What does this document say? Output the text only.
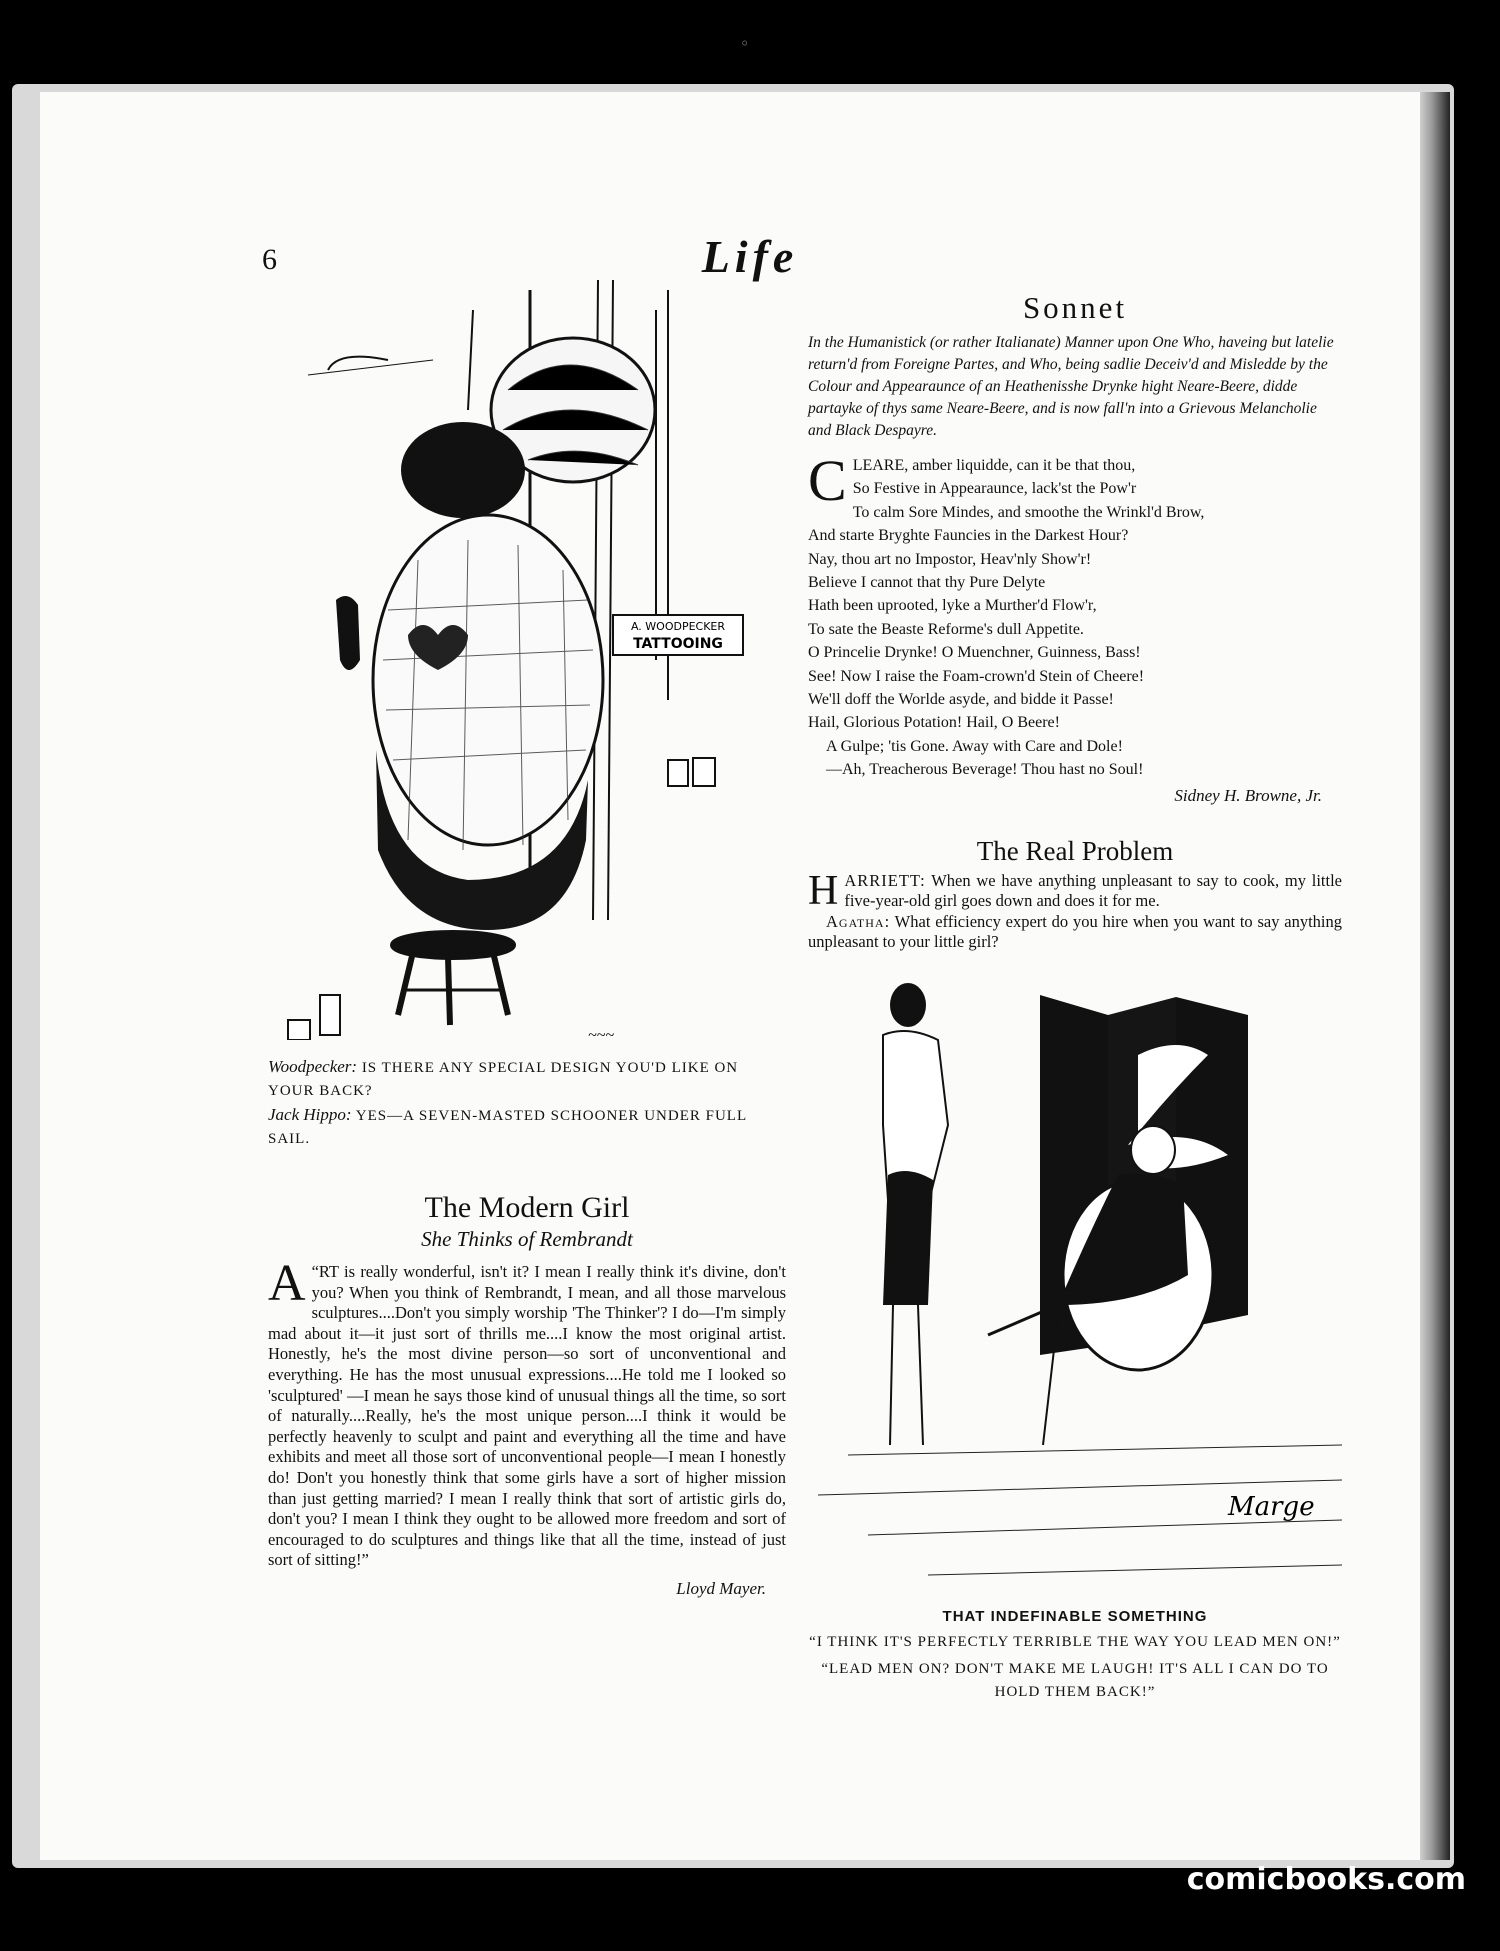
◦
6	Life
A. WOODPECKER
TATTOOING
~~~

Woodpecker: IS THERE ANY SPECIAL DESIGN YOU'D LIKE ON YOUR BACK?

Jack Hippo: YES—A SEVEN-MASTED SCHOONER UNDER FULL SAIL.

The Modern Girl
She Thinks of Rembrandt

“
A RT is really wonderful, isn't it? I mean I really think it's divine, don't you? When you think of Rembrandt, I mean, and all those marvelous sculptures....Don't you simply worship 'The Thinker'? I do—I'm simply mad about it—it just sort of thrills me....I know the most original artist. Honestly, he's the most divine person—so sort of unconventional and everything. He has the most unusual expressions....He told me I looked so 'sculptured' —I mean he says those kind of unusual things all the time, so sort of naturally....Really, he's the most unique person....I think it would be perfectly heavenly to sculpt and paint and everything all the time and have exhibits and meet all those sort of unconventional people—I mean I honestly do! Don't you honestly think that some girls have a sort of higher mission than just getting married? I mean I really think that sort of artistic girls do, don't you? I mean I think they ought to be allowed more freedom and sort of encouraged to do sculptures and things like that all the time, instead of just sort of sitting!”

Lloyd Mayer.
Sonnet

In the Humanistick (or rather Italianate) Manner upon One Who, haveing but latelie return'd from Foreigne Partes, and Who, being sadlie Deceiv'd and Misledde by the Colour and Appearaunce of an Heathenisshe Drynke hight Neare-Beere, didde partayke of thys same Neare-Beere, and is now fall'n into a Grievous Melancholie and Black Despayre.

C LEARE, amber liquidde, can it be that thou,
So Festive in Appearaunce, lack'st the Pow'r
To calm Sore Mindes, and smoothe the Wrinkl'd Brow,
And starte Bryghte Fauncies in the Darkest Hour?
Nay, thou art no Impostor, Heav'nly Show'r!
Believe I cannot that thy Pure Delyte
Hath been uprooted, lyke a Murther'd Flow'r,
To sate the Beaste Reforme's dull Appetite.
O Princelie Drynke! O Muenchner, Guinness, Bass!
See! Now I raise the Foam-crown'd Stein of Cheere!
We'll doff the Worlde asyde, and bidde it Passe!
Hail, Glorious Potation! Hail, O Beere!
A Gulpe; 'tis Gone. Away with Care and Dole!
—Ah, Treacherous Beverage! Thou hast no Soul!
Sidney H. Browne, Jr.
The Real Problem

HARRIETT: When we have anything unpleasant to say to cook, my little five-year-old girl goes down and does it for me.

Agatha: What efficiency expert do you hire when you want to say anything unpleasant to your little girl?

Marge
THAT INDEFINABLE SOMETHING

“I THINK IT'S PERFECTLY TERRIBLE THE WAY YOU LEAD MEN ON!”

“LEAD MEN ON? DON'T MAKE ME LAUGH! IT'S ALL I CAN DO TO HOLD THEM BACK!”

comicbooks.com
